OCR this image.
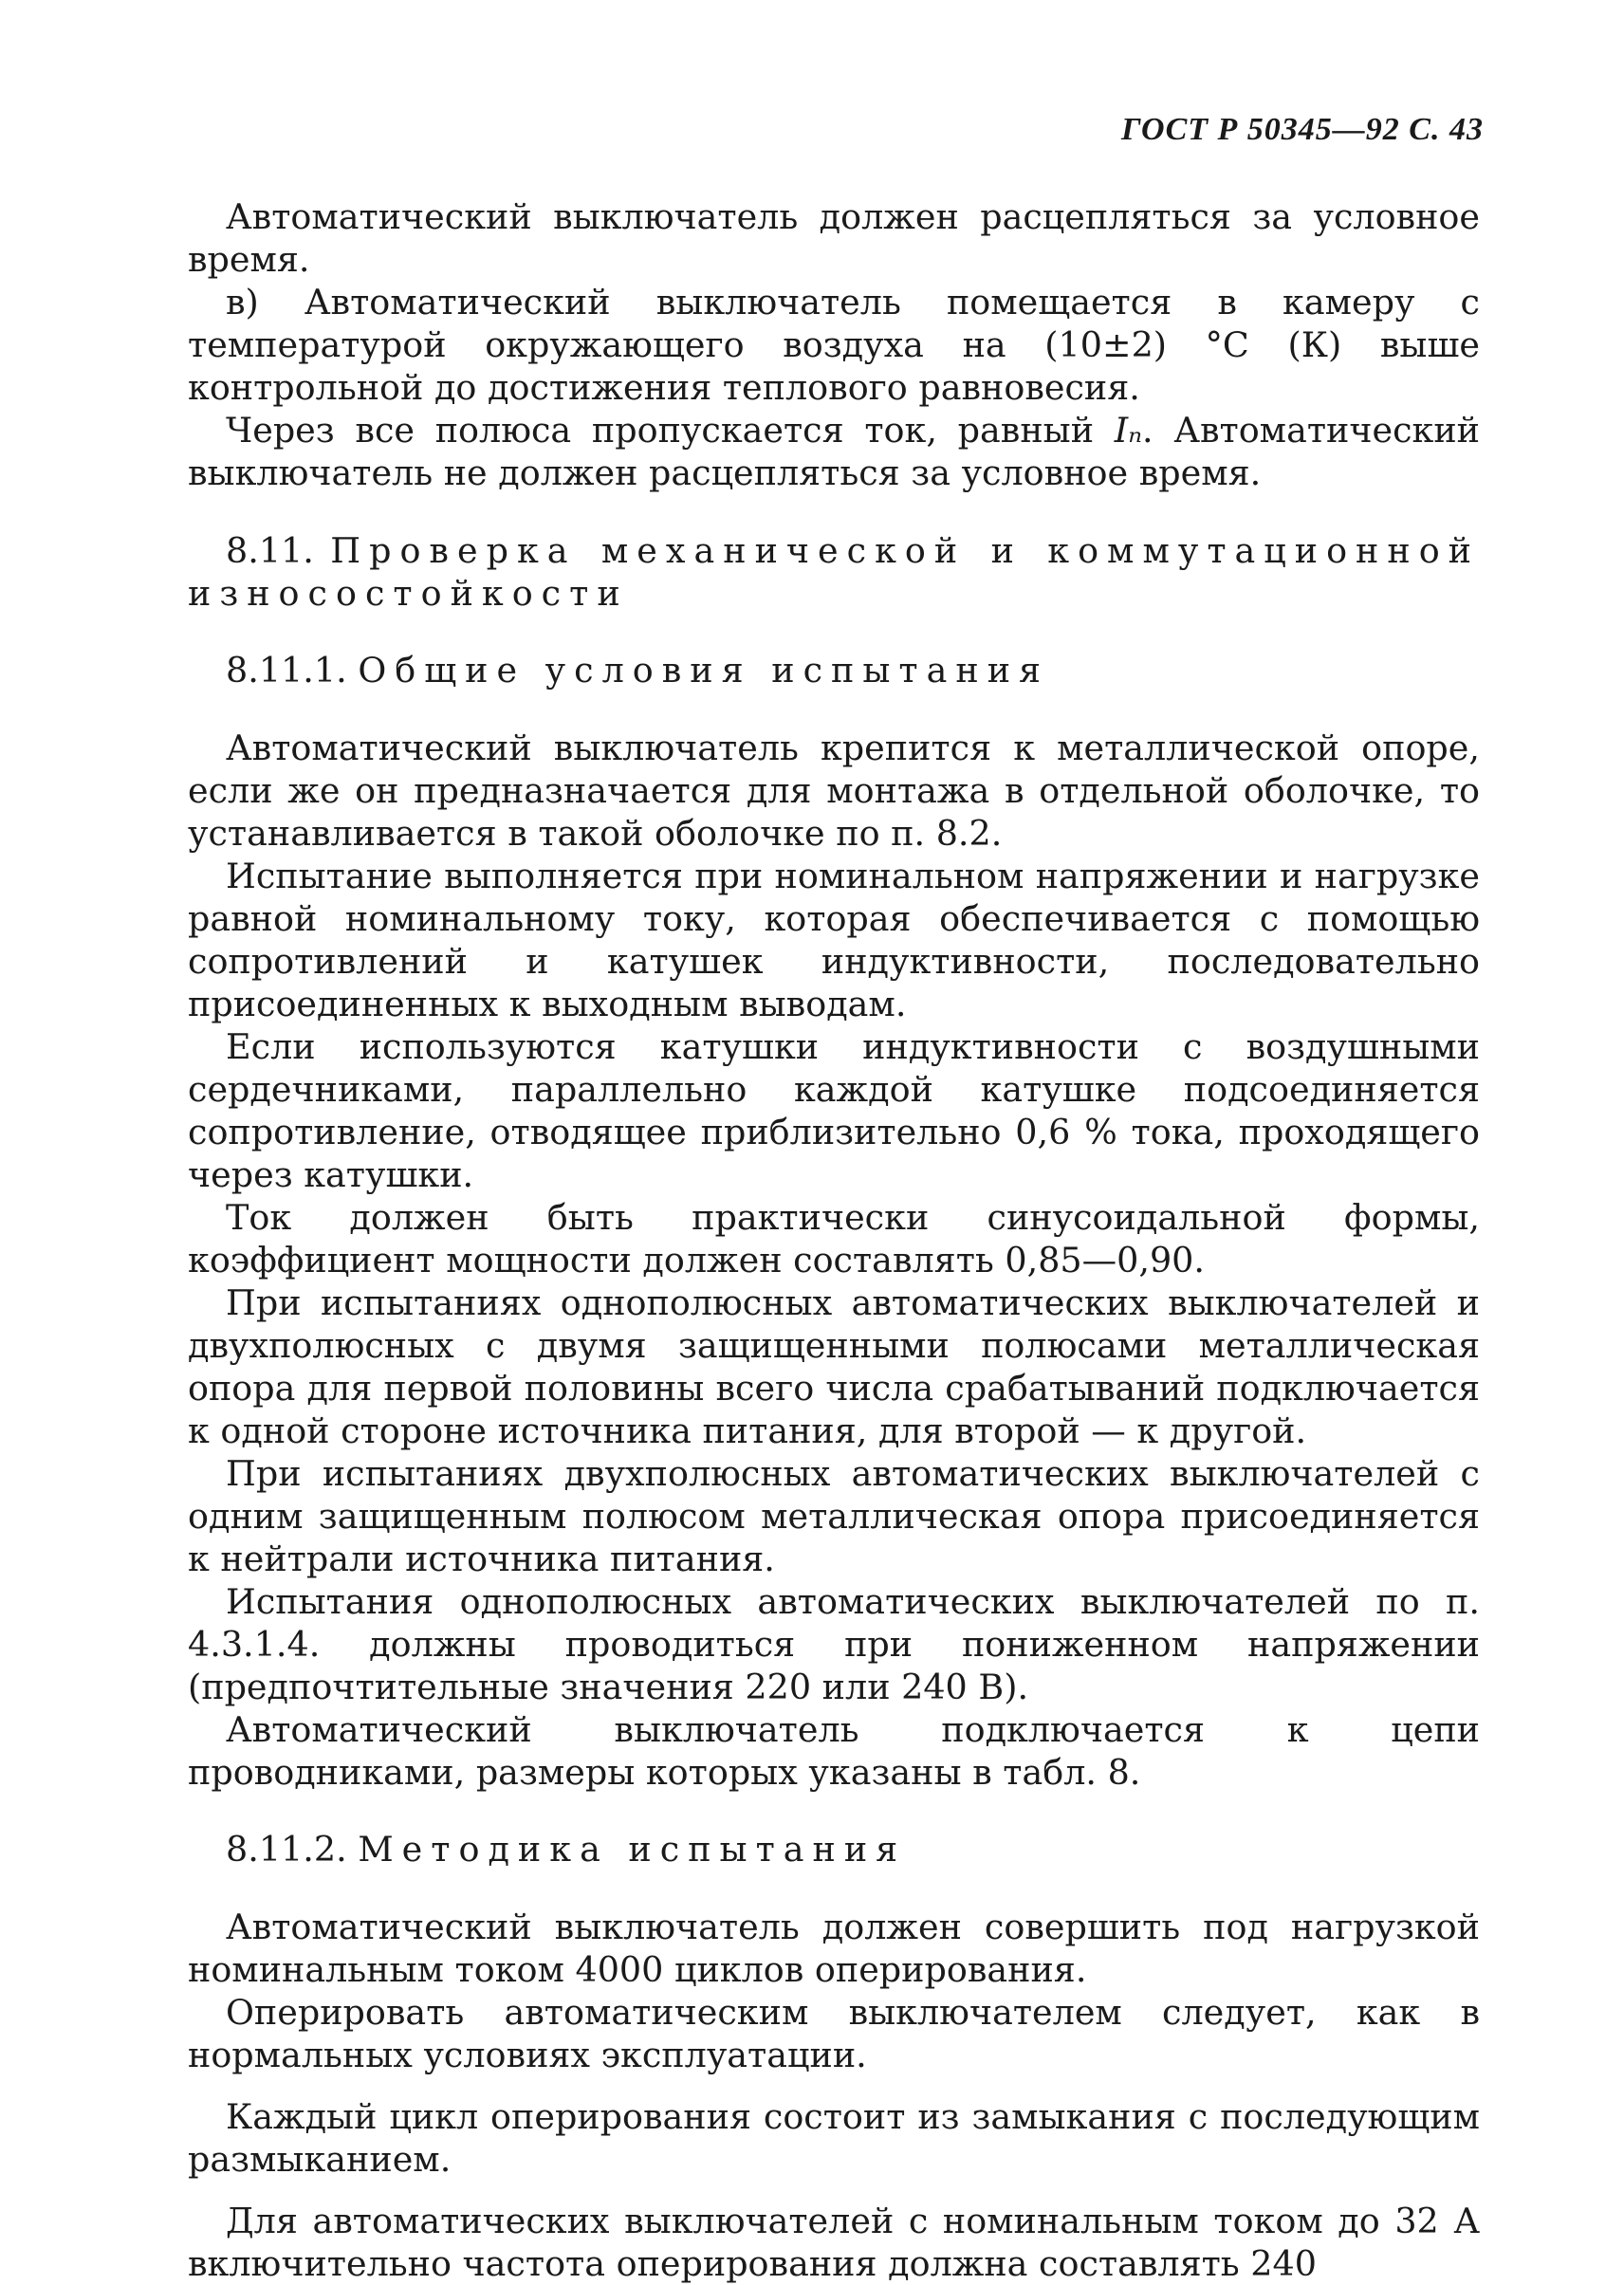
ГОСТ Р 50345—92 С. 43

Автоматический выключатель должен расцепляться за условное время.

в) Автоматический выключатель помещается в камеру с температурой окружающего воздуха на (10±2) °С (К) выше контрольной до достижения теплового равновесия.

Через все полюса пропускается ток, равный Iₙ. Автоматический выключатель не должен расцепляться за условное время.

8.11. Проверка механической и коммутационной износостойкости

8.11.1. Общие условия испытания

Автоматический выключатель крепится к металлической опоре, если же он предназначается для монтажа в отдельной оболочке, то устанавливается в такой оболочке по п. 8.2.

Испытание выполняется при номинальном напряжении и нагрузке равной номинальному току, которая обеспечивается с помощью сопротивлений и катушек индуктивности, последовательно присоединенных к выходным выводам.

Если используются катушки индуктивности с воздушными сердечниками, параллельно каждой катушке подсоединяется сопротивление, отводящее приблизительно 0,6 % тока, проходящего через катушки.

Ток должен быть практически синусоидальной формы, коэффициент мощности должен составлять 0,85—0,90.

При испытаниях однополюсных автоматических выключателей и двухполюсных с двумя защищенными полюсами металлическая опора для первой половины всего числа срабатываний подключается к одной стороне источника питания, для второй — к другой.

При испытаниях двухполюсных автоматических выключателей с одним защищенным полюсом металлическая опора присоединяется к нейтрали источника питания.

Испытания однополюсных автоматических выключателей по п. 4.3.1.4. должны проводиться при пониженном напряжении (предпочтительные значения 220 или 240 В).

Автоматический выключатель подключается к цепи проводниками, размеры которых указаны в табл. 8.

8.11.2. Методика испытания

Автоматический выключатель должен совершить под нагрузкой номинальным током 4000 циклов оперирования.

Оперировать автоматическим выключателем следует, как в нормальных условиях эксплуатации.

Каждый цикл оперирования состоит из замыкания с последующим размыканием.

Для автоматических выключателей с номинальным током до 32 А включительно частота оперирования должна составлять 240
